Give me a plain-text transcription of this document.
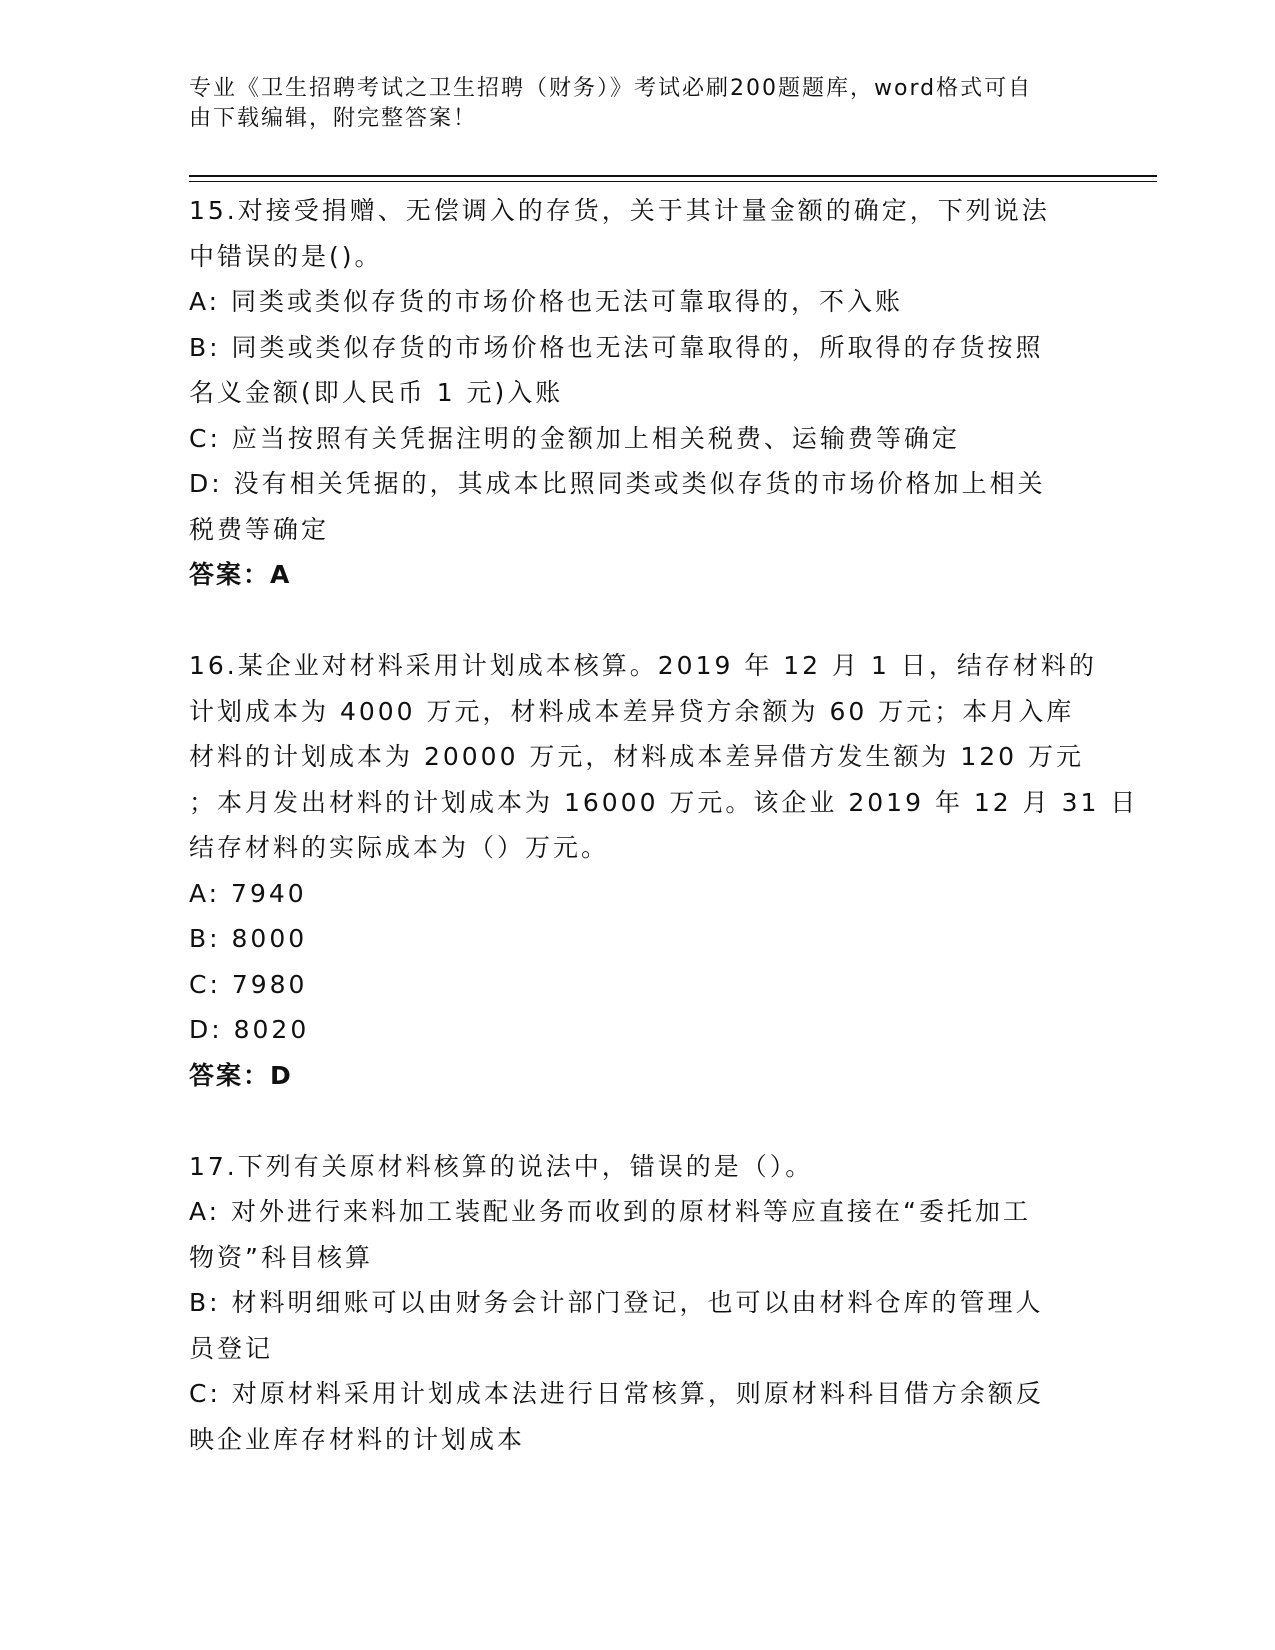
专业《卫生招聘考试之卫生招聘（财务）》考试必刷200题题库，word格式可自
由下载编辑，附完整答案！
15.对接受捐赠、无偿调入的存货，关于其计量金额的确定，下列说法
中错误的是()。
A: 同类或类似存货的市场价格也无法可靠取得的，不入账
B: 同类或类似存货的市场价格也无法可靠取得的，所取得的存货按照
名义金额(即人民币 1 元)入账
C: 应当按照有关凭据注明的金额加上相关税费、运输费等确定
D: 没有相关凭据的，其成本比照同类或类似存货的市场价格加上相关
税费等确定
答案：A
16.某企业对材料采用计划成本核算。2019 年 12 月 1 日，结存材料的
计划成本为 4000 万元，材料成本差异贷方余额为 60 万元；本月入库
材料的计划成本为 20000 万元，材料成本差异借方发生额为 120 万元
；本月发出材料的计划成本为 16000 万元。该企业 2019 年 12 月 31 日
结存材料的实际成本为（）万元。
A: 7940
B: 8000
C: 7980
D: 8020
答案：D
17.下列有关原材料核算的说法中，错误的是（）。
A: 对外进行来料加工装配业务而收到的原材料等应直接在“委托加工
物资”科目核算
B: 材料明细账可以由财务会计部门登记，也可以由材料仓库的管理人
员登记
C: 对原材料采用计划成本法进行日常核算，则原材料科目借方余额反
映企业库存材料的计划成本
